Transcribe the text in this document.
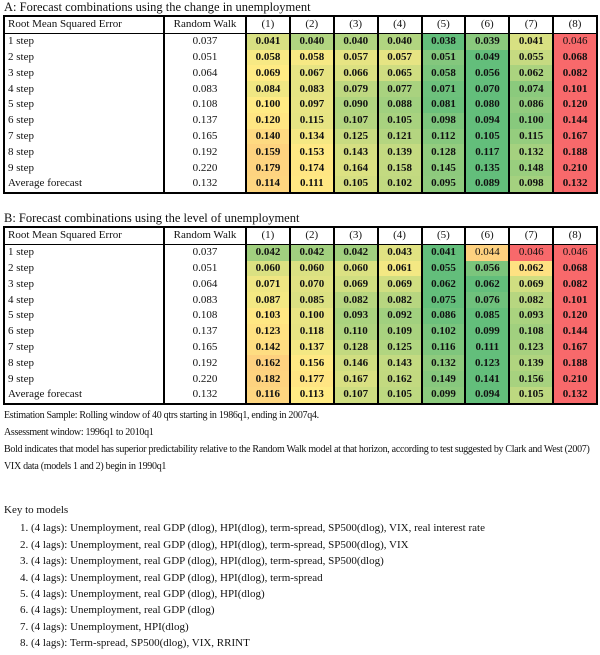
A: Forecast combinations using the change in unemployment
Root Mean Squared Error	Random Walk	(1)	(2)	(3)	(4)	(5)	(6)	(7)	(8)
1 step	0.037	0.041	0.040	0.040	0.040	0.038	0.039	0.041	0.046
2 step	0.051	0.058	0.058	0.057	0.057	0.051	0.049	0.055	0.068
3 step	0.064	0.069	0.067	0.066	0.065	0.058	0.056	0.062	0.082
4 step	0.083	0.084	0.083	0.079	0.077	0.071	0.070	0.074	0.101
5 step	0.108	0.100	0.097	0.090	0.088	0.081	0.080	0.086	0.120
6 step	0.137	0.120	0.115	0.107	0.105	0.098	0.094	0.100	0.144
7 step	0.165	0.140	0.134	0.125	0.121	0.112	0.105	0.115	0.167
8 step	0.192	0.159	0.153	0.143	0.139	0.128	0.117	0.132	0.188
9 step	0.220	0.179	0.174	0.164	0.158	0.145	0.135	0.148	0.210
Average forecast	0.132	0.114	0.111	0.105	0.102	0.095	0.089	0.098	0.132
B: Forecast combinations using the level of unemployment
Root Mean Squared Error	Random Walk	(1)	(2)	(3)	(4)	(5)	(6)	(7)	(8)
1 step	0.037	0.042	0.042	0.042	0.043	0.041	0.044	0.046	0.046
2 step	0.051	0.060	0.060	0.060	0.061	0.055	0.056	0.062	0.068
3 step	0.064	0.071	0.070	0.069	0.069	0.062	0.062	0.069	0.082
4 step	0.083	0.087	0.085	0.082	0.082	0.075	0.076	0.082	0.101
5 step	0.108	0.103	0.100	0.093	0.092	0.086	0.085	0.093	0.120
6 step	0.137	0.123	0.118	0.110	0.109	0.102	0.099	0.108	0.144
7 step	0.165	0.142	0.137	0.128	0.125	0.116	0.111	0.123	0.167
8 step	0.192	0.162	0.156	0.146	0.143	0.132	0.123	0.139	0.188
9 step	0.220	0.182	0.177	0.167	0.162	0.149	0.141	0.156	0.210
Average forecast	0.132	0.116	0.113	0.107	0.105	0.099	0.094	0.105	0.132

Estimation Sample: Rolling window of 40 qtrs starting in 1986q1, ending in 2007q4.

Assessment window: 1996q1 to 2010q1

Bold indicates that model has superior predictability relative to the Random Walk model at that horizon, according to test suggested by Clark and West (2007)

VIX data (models 1 and 2) begin in 1990q1

Key to models
1. (4 lags): Unemployment, real GDP (dlog), HPI(dlog), term-spread, SP500(dlog), VIX, real interest rate
2. (4 lags): Unemployment, real GDP (dlog), HPI(dlog), term-spread, SP500(dlog), VIX
3. (4 lags): Unemployment, real GDP (dlog), HPI(dlog), term-spread, SP500(dlog)
4. (4 lags): Unemployment, real GDP (dlog), HPI(dlog), term-spread
5. (4 lags): Unemployment, real GDP (dlog), HPI(dlog)
6. (4 lags): Unemployment, real GDP (dlog)
7. (4 lags): Unemployment, HPI(dlog)
8. (4 lags): Term-spread, SP500(dlog), VIX, RRINT
